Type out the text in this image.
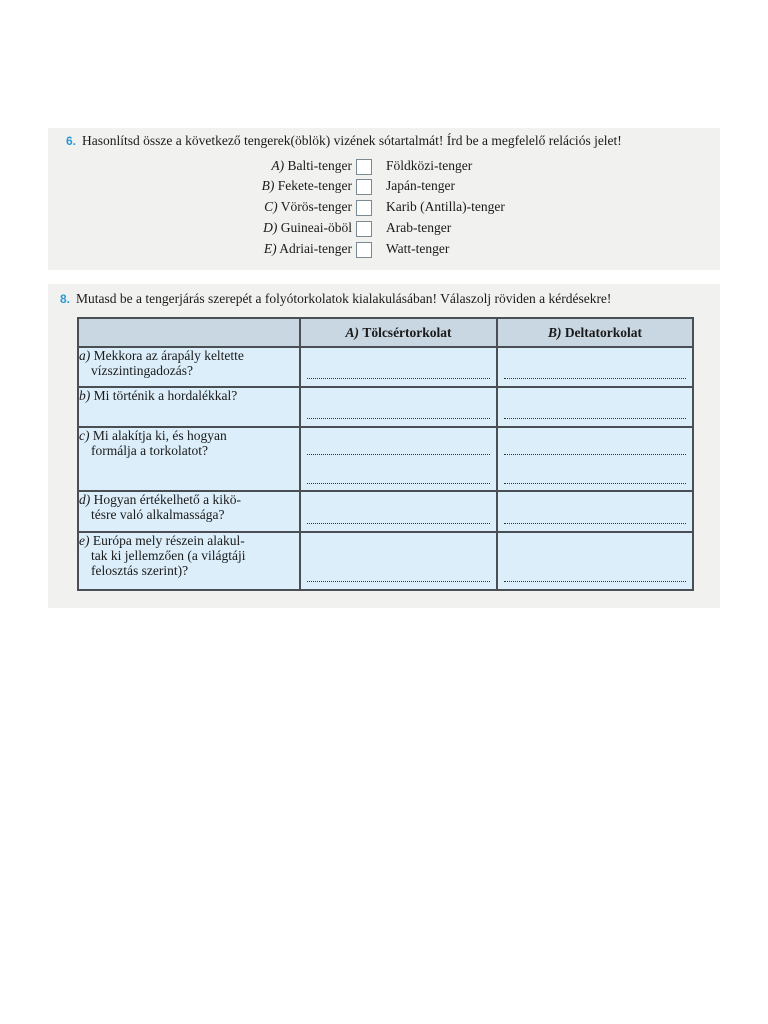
6. Hasonlítsd össze a következő tengerek(öblök) vizének sótartalmát! Írd be a megfelelő relációs jelet!
A) Balti-tenger	Földközi-tenger
B) Fekete-tenger	Japán-tenger
C) Vörös-tenger	Karib (Antilla)-tenger
D) Guineai-öböl	Arab-tenger
E) Adriai-tenger	Watt-tenger
8. Mutasd be a tengerjárás szerepét a folyótorkolatok kialakulásában! Válaszolj röviden a kérdésekre!
	A) Tölcsértorkolat	B) Deltatorkolat
a) Mekkora az árapály keltette
vízszintingadozás?		

b) Mi történik a hordalékkal?	

c) Mi alakítja ki, és hogyan
formálja a torkolatot?		

d) Hogyan értékelhető a kikö-
tésre való alkalmassága?		

e) Európa mely részein alakul-
tak ki jellemzően (a világtáji
felosztás szerint)?		
